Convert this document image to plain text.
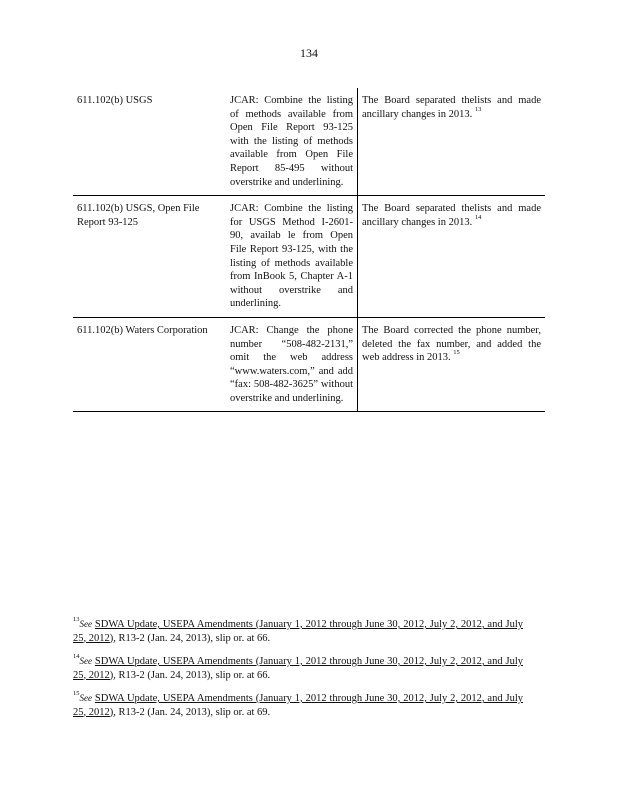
134
611.102(b) USGS	JCAR: Combine the listing of methods available from Open File Report 93-125 with the listing of methods available from Open File Report 85-495 without overstrike and underlining.	The Board separated thelists and made ancillary changes in 2013. $^{13}$
611.102(b) USGS, Open File Report 93-125	JCAR: Combine the listing for USGS Method I-2601-90, availab le from Open File Report 93-125, with the listing of methods available from InBook 5, Chapter A-1 without overstrike and underlining.	The Board separated thelists and made ancillary changes in 2013. $^{14}$
611.102(b) Waters Corporation	JCAR: Change the phone number “508-482-2131,” omit the web address “www.waters.com,” and add “fax: 508-482-3625” without overstrike and underlining.	The Board corrected the phone number, deleted the fax number, and added the web address in 2013. $^{15}$
$^{13}$See SDWA Update, USEPA Amendments (January 1, 2012 through June 30, 2012, July 2, 2012, and July 25, 2012), R13-2 (Jan. 24, 2013), slip or. at 66.
$^{14}$See SDWA Update, USEPA Amendments (January 1, 2012 through June 30, 2012, July 2, 2012, and July 25, 2012), R13-2 (Jan. 24, 2013), slip or. at 66.
$^{15}$See SDWA Update, USEPA Amendments (January 1, 2012 through June 30, 2012, July 2, 2012, and July 25, 2012), R13-2 (Jan. 24, 2013), slip or. at 69.
